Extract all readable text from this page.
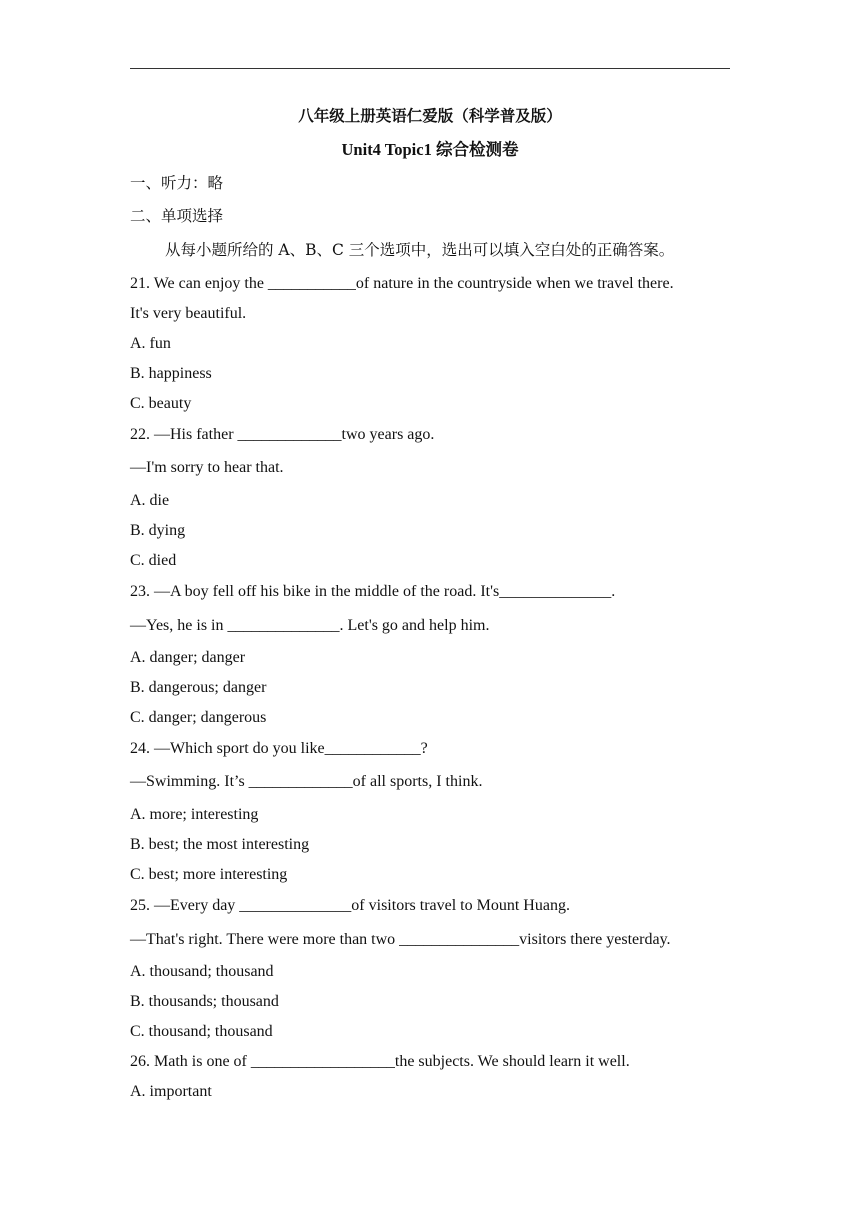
八年级上册英语仁爱版（科学普及版）
Unit4 Topic1 综合检测卷
一、听力：略
二、单项选择
从每小题所给的 A、B、C 三个选项中，选出可以填入空白处的正确答案。
21. We can enjoy the ___________of nature in the countryside when we travel there.
It's very beautiful.
A. fun
B. happiness
C. beauty
22. —His father _____________two years ago.
—I'm sorry to hear that.
A. die
B. dying
C. died
23. —A boy fell off his bike in the middle of the road. It's______________.
—Yes, he is in ______________. Let's go and help him.
A. danger; danger
B. dangerous; danger
C. danger; dangerous
24. —Which sport do you like____________?
—Swimming. It’s _____________of all sports, I think.
A. more; interesting
B. best; the most interesting
C. best; more interesting
25. —Every day ______________of visitors travel to Mount Huang.
—That's right. There were more than two _______________visitors there yesterday.
A. thousand; thousand
B. thousands; thousand
C. thousand; thousand
26. Math is one of __________________the subjects. We should learn it well.
A. important
